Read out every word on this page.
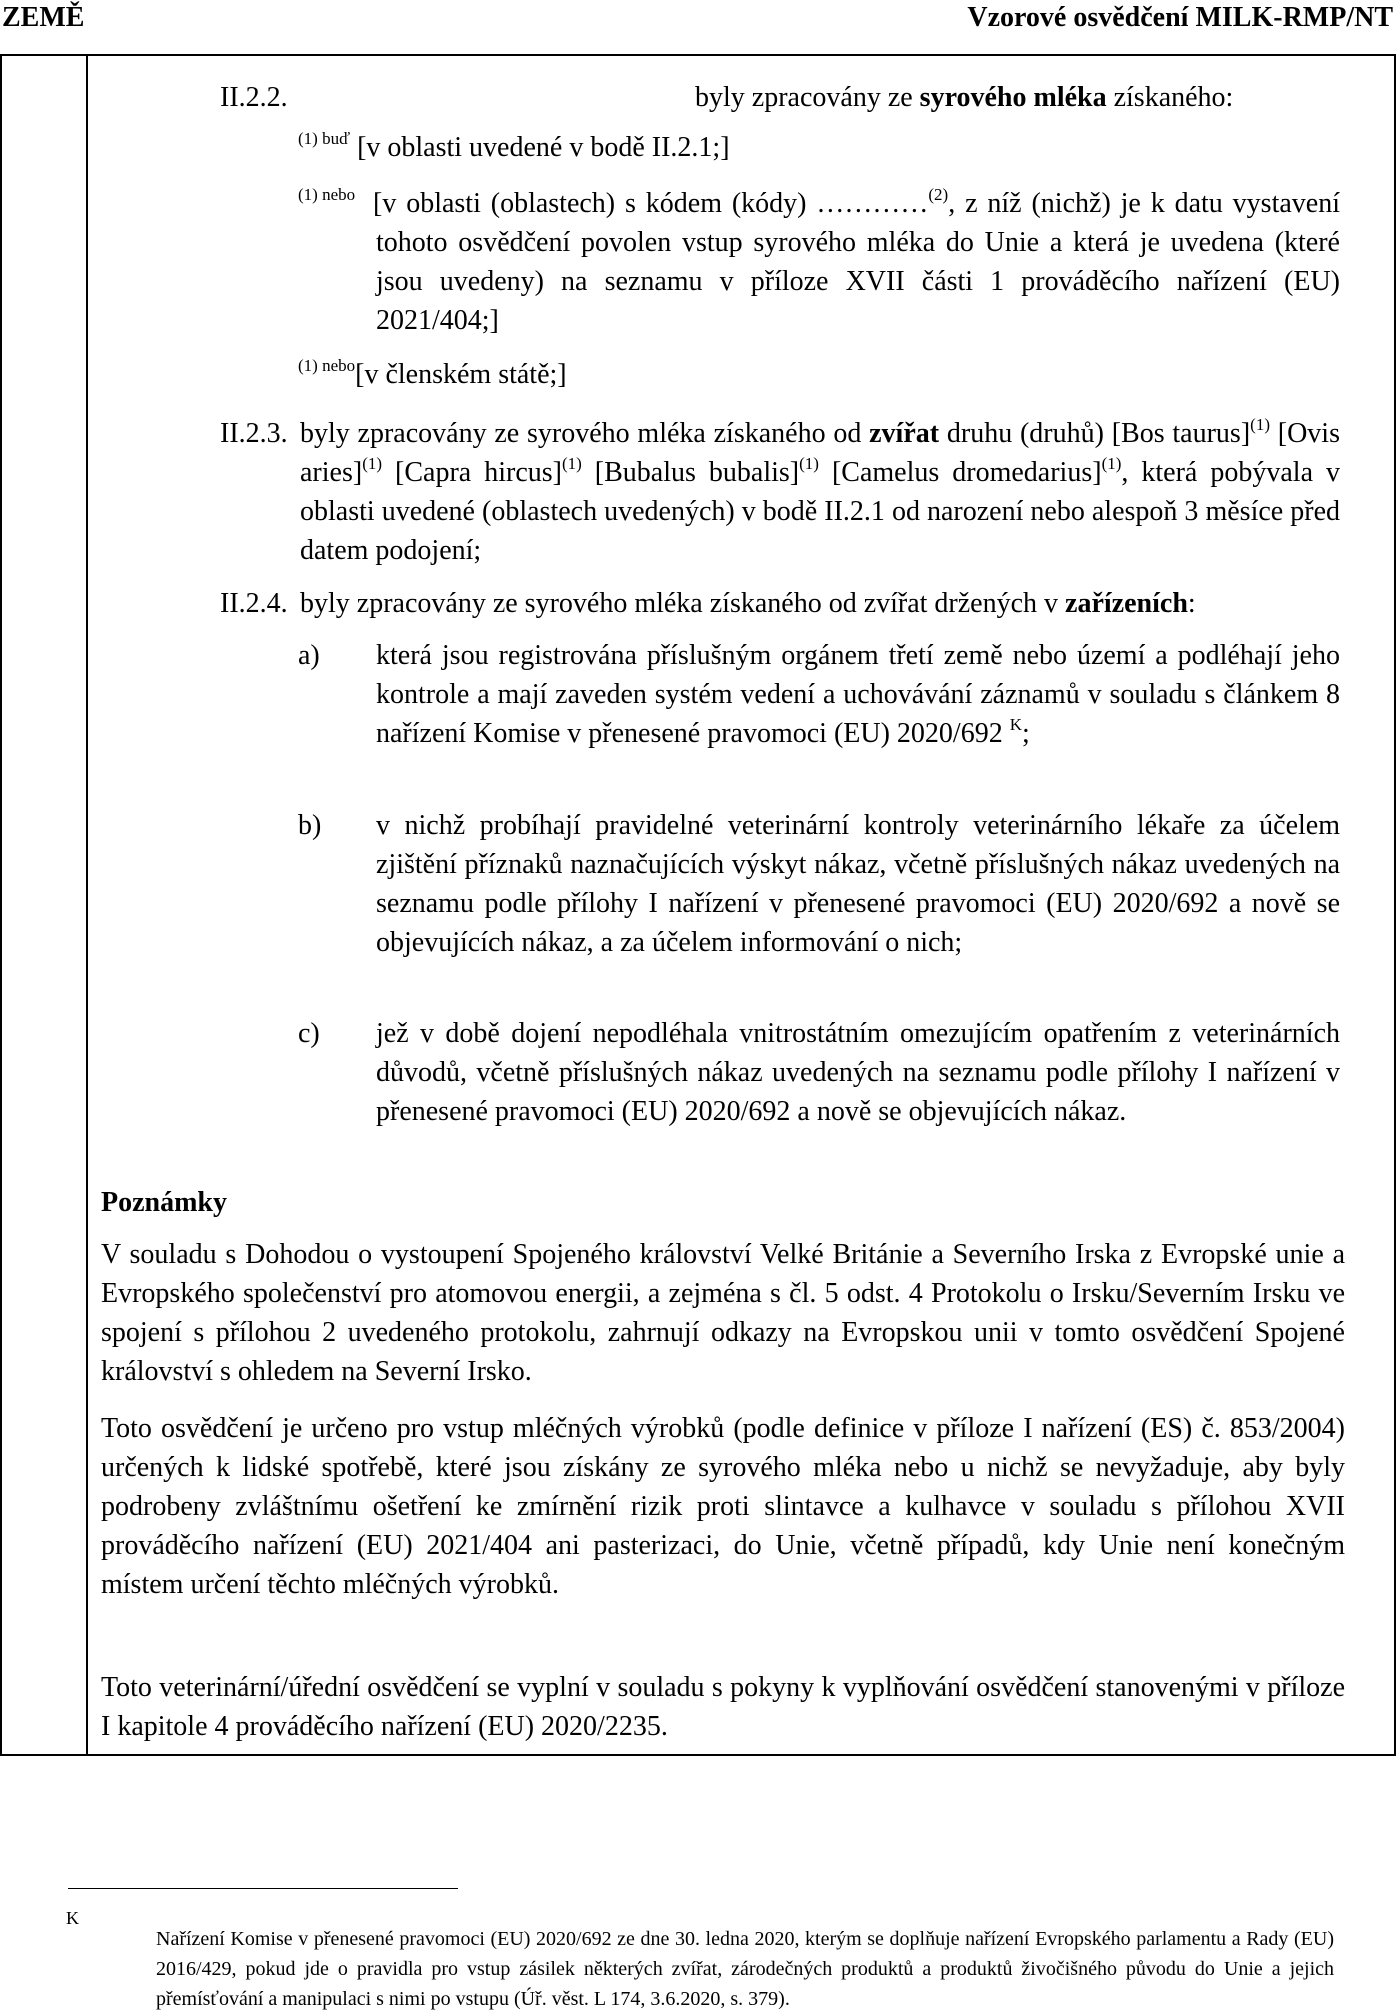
ZEMĚ	Vzorové osvědčení MILK-RMP/NT
II.2.2.	byly zpracovány ze syrového mléka získaného:
$^{(1) buď}$ [v oblasti uvedené v bodě II.2.1;]
$^{(1) nebo}$ [v oblasti (oblastech) s kódem (kódy) …………$^{(2)}$, z níž (nichž) je k datu vystavení tohoto osvědčení povolen vstup syrového mléka do Unie a která je uvedena (které jsou uvedeny) na seznamu v příloze XVII části 1 prováděcího nařízení (EU) 2021/404;]
$^{(1) nebo}$[v členském státě;]
II.2.3. byly zpracovány ze syrového mléka získaného od zvířat druhu (druhů) [Bos taurus]$^{(1)}$ [Ovis aries]$^{(1)}$ [Capra hircus]$^{(1)}$ [Bubalus bubalis]$^{(1)}$ [Camelus dromedarius]$^{(1)}$, která pobývala v oblasti uvedené (oblastech uvedených) v bodě II.2.1 od narození nebo alespoň 3 měsíce před datem podojení;
II.2.4. byly zpracovány ze syrového mléka získaného od zvířat držených v zařízeních:
a) která jsou registrována příslušným orgánem třetí země nebo území a podléhají jeho kontrole a mají zaveden systém vedení a uchovávání záznamů v souladu s článkem 8 nařízení Komise v přenesené pravomoci (EU) 2020/692 $^K$;
b) v nichž probíhají pravidelné veterinární kontroly veterinárního lékaře za účelem zjištění příznaků naznačujících výskyt nákaz, včetně příslušných nákaz uvedených na seznamu podle přílohy I nařízení v přenesené pravomoci (EU) 2020/692 a nově se objevujících nákaz, a za účelem informování o nich;
c) jež v době dojení nepodléhala vnitrostátním omezujícím opatřením z veterinárních důvodů, včetně příslušných nákaz uvedených na seznamu podle přílohy I nařízení v přenesené pravomoci (EU) 2020/692 a nově se objevujících nákaz.
Poznámky
V souladu s Dohodou o vystoupení Spojeného království Velké Británie a Severního Irska z Evropské unie a Evropského společenství pro atomovou energii, a zejména s čl. 5 odst. 4 Protokolu o Irsku/Severním Irsku ve spojení s přílohou 2 uvedeného protokolu, zahrnují odkazy na Evropskou unii v tomto osvědčení Spojené království s ohledem na Severní Irsko.
Toto osvědčení je určeno pro vstup mléčných výrobků (podle definice v příloze I nařízení (ES) č. 853/2004) určených k lidské spotřebě, které jsou získány ze syrového mléka nebo u nichž se nevyžaduje, aby byly podrobeny zvláštnímu ošetření ke zmírnění rizik proti slintavce a kulhavce v souladu s přílohou XVII prováděcího nařízení (EU) 2021/404 ani pasterizaci, do Unie, včetně případů, kdy Unie není konečným místem určení těchto mléčných výrobků.
Toto veterinární/úřední osvědčení se vyplní v souladu s pokyny k vyplňování osvědčení stanovenými v příloze I kapitole 4 prováděcího nařízení (EU) 2020/2235.
K
Nařízení Komise v přenesené pravomoci (EU) 2020/692 ze dne 30. ledna 2020, kterým se doplňuje nařízení Evropského parlamentu a Rady (EU) 2016/429, pokud jde o pravidla pro vstup zásilek některých zvířat, zárodečných produktů a produktů živočišného původu do Unie a jejich přemísťování a manipulaci s nimi po vstupu (Úř. věst. L 174, 3.6.2020, s. 379).
